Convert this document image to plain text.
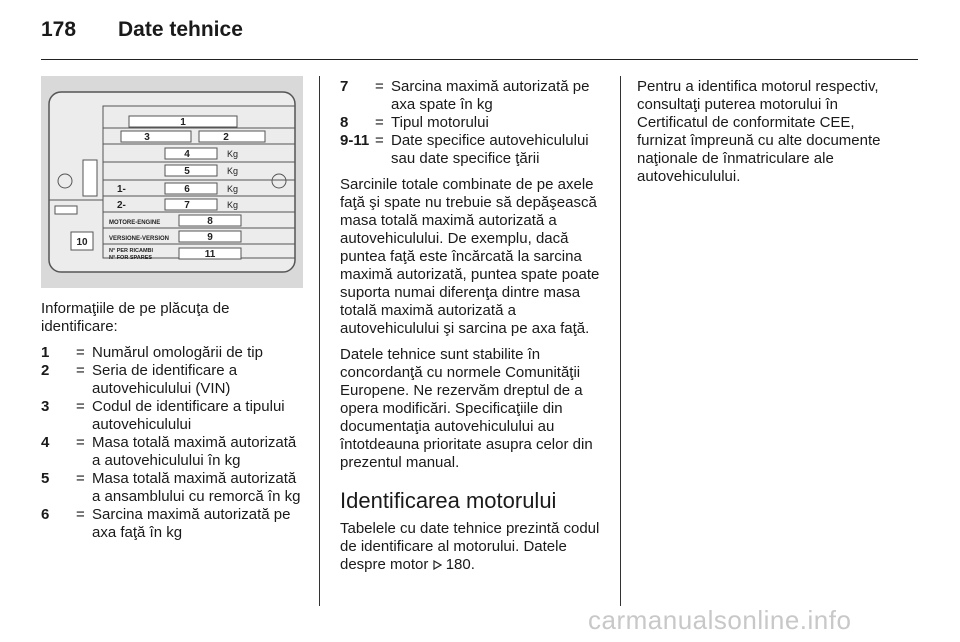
178 Date tehnice
10
1
3	2
4	Kg
5	Kg
1-	6	Kg
2-	7	Kg
MOTORE-ENGINE	8
VERSIONE-VERSION	9
N° PER RICAMBI
N° FOR SPARES	11

Informaţiile de pe plăcuţa de identificare:

1	= Numărul omologării de tip
2	= Seria de identificare a autovehiculului (VIN)
3	= Codul de identificare a tipului autovehiculului
4	= Masa totală maximă autorizată a autovehiculului în kg
5	= Masa totală maximă autorizată a ansamblului cu remorcă în kg
6	= Sarcina maximă autorizată pe axa faţă în kg
7	= Sarcina maximă autorizată pe axa spate în kg
8	= Tipul motorului
9-11 = Date specifice autovehiculului sau date specifice ţării

Sarcinile totale combinate de pe axele faţă şi spate nu trebuie să depăşească masa totală maximă autorizată a autovehiculului. De exemplu, dacă puntea faţă este încărcată la sarcina maximă autorizată, puntea spate poate suporta numai diferenţa dintre masa totală maximă autorizată a autovehiculului şi sarcina pe axa faţă.

Datele tehnice sunt stabilite în concordanţă cu normele Comunităţii Europene. Ne rezervăm dreptul de a opera modificări. Specificaţiile din documentaţia autovehiculului au întotdeauna prioritate asupra celor din prezentul manual.

Identificarea motorului

Tabelele cu date tehnice prezintă codul de identificare al motorului. Datele despre motor 180.

Pentru a identifica motorul respectiv, consultaţi puterea motorului în Certificatul de conformitate CEE, furnizat împreună cu alte documente naţionale de înmatriculare ale autovehiculului.

carmanualsonline.info
